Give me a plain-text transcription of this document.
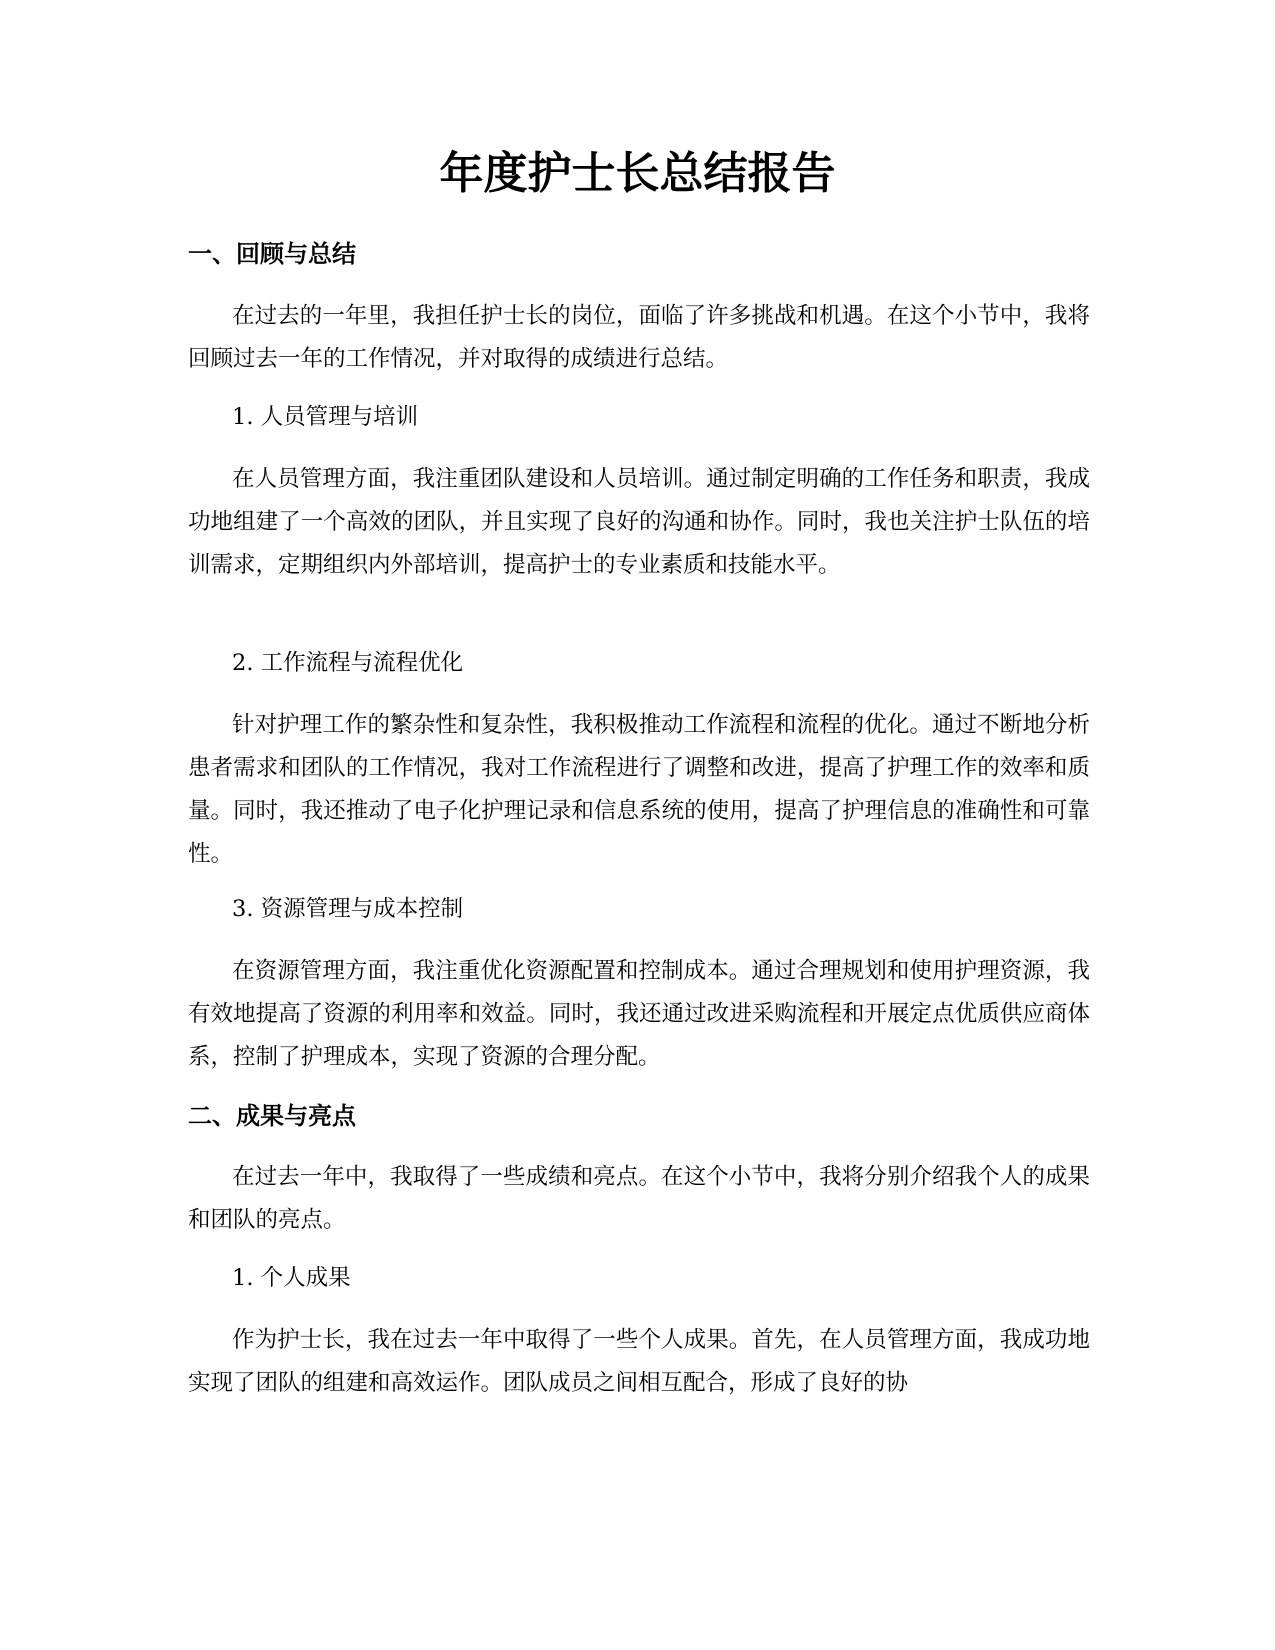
年度护士长总结报告
一、回顾与总结

在过去的一年里，我担任护士长的岗位，面临了许多挑战和机遇。在这个小节中，我将回顾过去一年的工作情况，并对取得的成绩进行总结。

1. 人员管理与培训

在人员管理方面，我注重团队建设和人员培训。通过制定明确的工作任务和职责，我成功地组建了一个高效的团队，并且实现了良好的沟通和协作。同时，我也关注护士队伍的培训需求，定期组织内外部培训，提高护士的专业素质和技能水平。

2. 工作流程与流程优化

针对护理工作的繁杂性和复杂性，我积极推动工作流程和流程的优化。通过不断地分析患者需求和团队的工作情况，我对工作流程进行了调整和改进，提高了护理工作的效率和质量。同时，我还推动了电子化护理记录和信息系统的使用，提高了护理信息的准确性和可靠性。

3. 资源管理与成本控制

在资源管理方面，我注重优化资源配置和控制成本。通过合理规划和使用护理资源，我有效地提高了资源的利用率和效益。同时，我还通过改进采购流程和开展定点优质供应商体系，控制了护理成本，实现了资源的合理分配。

二、成果与亮点

在过去一年中，我取得了一些成绩和亮点。在这个小节中，我将分别介绍我个人的成果和团队的亮点。

1. 个人成果

作为护士长，我在过去一年中取得了一些个人成果。首先，在人员管理方面，我成功地实现了团队的组建和高效运作。团队成员之间相互配合，形成了良好的协
